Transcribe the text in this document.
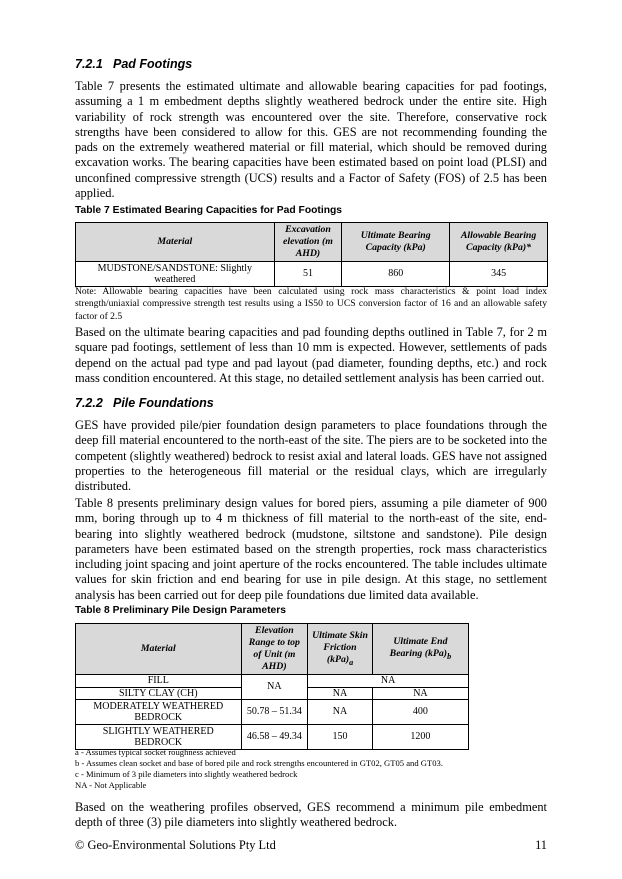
7.2.1 Pad Footings

Table 7 presents the estimated ultimate and allowable bearing capacities for pad footings, assuming a 1 m embedment depths slightly weathered bedrock under the entire site. High variability of rock strength was encountered over the site. Therefore, conservative rock strengths have been considered to allow for this. GES are not recommending founding the pads on the extremely weathered material or fill material, which should be removed during excavation works. The bearing capacities have been estimated based on point load (PLSI) and unconfined compressive strength (UCS) results and a Factor of Safety (FOS) of 2.5 has been applied.

Table 7 Estimated Bearing Capacities for Pad Footings
Material	Excavation elevation (m AHD)	Ultimate Bearing Capacity (kPa)	Allowable Bearing Capacity (kPa)*
MUDSTONE/SANDSTONE: Slightly weathered	51	860	345

Note: Allowable bearing capacities have been calculated using rock mass characteristics & point load index strength/uniaxial compressive strength test results using a IS50 to UCS conversion factor of 16 and an allowable safety factor of 2.5

Based on the ultimate bearing capacities and pad founding depths outlined in Table 7, for 2 m square pad footings, settlement of less than 10 mm is expected. However, settlements of pads depend on the actual pad type and pad layout (pad diameter, founding depths, etc.) and rock mass condition encountered. At this stage, no detailed settlement analysis has been carried out.

7.2.2 Pile Foundations

GES have provided pile/pier foundation design parameters to place foundations through the deep fill material encountered to the north-east of the site. The piers are to be socketed into the competent (slightly weathered) bedrock to resist axial and lateral loads. GES have not assigned properties to the heterogeneous fill material or the residual clays, which are irregularly distributed.

Table 8 presents preliminary design values for bored piers, assuming a pile diameter of 900 mm, boring through up to 4 m thickness of fill material to the north-east of the site, end-bearing into slightly weathered bedrock (mudstone, siltstone and sandstone). Pile design parameters have been estimated based on the strength properties, rock mass characteristics including joint spacing and joint aperture of the rocks encountered. The table includes ultimate values for skin friction and end bearing for use in pile design. At this stage, no settlement analysis has been carried out for deep pile foundations due limited data available.

Table 8 Preliminary Pile Design Parameters
Material	Elevation Range to top of Unit (m AHD)	Ultimate Skin Friction $(kPa)_a$	Ultimate End Bearing $(kPa)_b$
FILL	NA	NA	
SILTY CLAY (CH)		NA	NA
MODERATELY WEATHERED BEDROCK	50.78 – 51.34	NA	400
SLIGHTLY WEATHERED BEDROCK	46.58 – 49.34	150	1200
a - Assumes typical socket roughness achieved
b - Assumes clean socket and base of bored pile and rock strengths encountered in GT02, GT05 and GT03.
c - Minimum of 3 pile diameters into slightly weathered bedrock
NA - Not Applicable

Based on the weathering profiles observed, GES recommend a minimum pile embedment depth of three (3) pile diameters into slightly weathered bedrock.

© Geo-Environmental Solutions Pty Ltd	11
